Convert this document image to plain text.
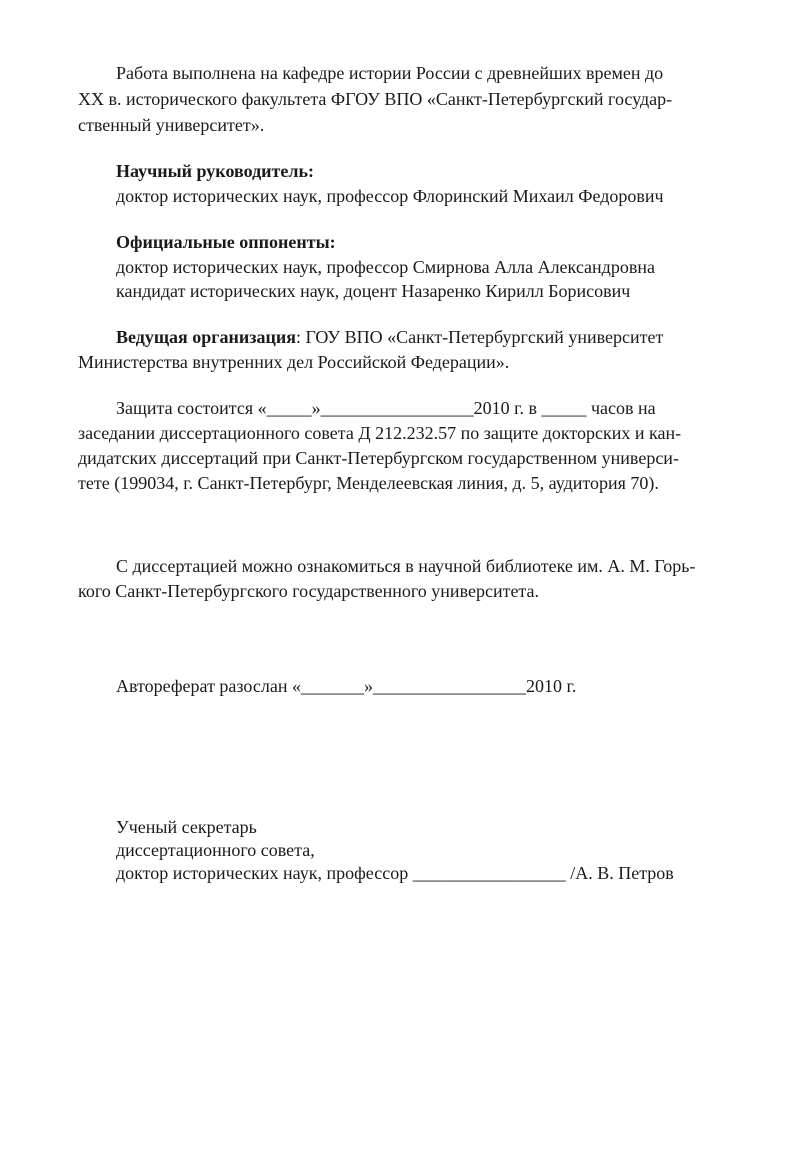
Работа выполнена на кафедре истории России с древнейших времен до
XX в. исторического факультета ФГОУ ВПО «Санкт-Петербургский государ-
ственный университет».
Научный руководитель:
доктор исторических наук, профессор Флоринский Михаил Федорович
Официальные оппоненты:
доктор исторических наук, профессор Смирнова Алла Александровна
кандидат исторических наук, доцент Назаренко Кирилл Борисович
Ведущая организация: ГОУ ВПО «Санкт-Петербургский университет
Министерства внутренних дел Российской Федерации».
Защита состоится «_____»_________________2010 г. в _____ часов на
заседании диссертационного совета Д 212.232.57 по защите докторских и кан-
дидатских диссертаций при Санкт-Петербургском государственном универси-
тете (199034, г. Санкт-Петербург, Менделеевская линия, д. 5, аудитория 70).
С диссертацией можно ознакомиться в научной библиотеке им. А. М. Горь-
кого Санкт-Петербургского государственного университета.
Автореферат разослан «_______»_________________2010 г.
Ученый секретарь
диссертационного совета,
доктор исторических наук, профессор _________________ /А. В. Петров
